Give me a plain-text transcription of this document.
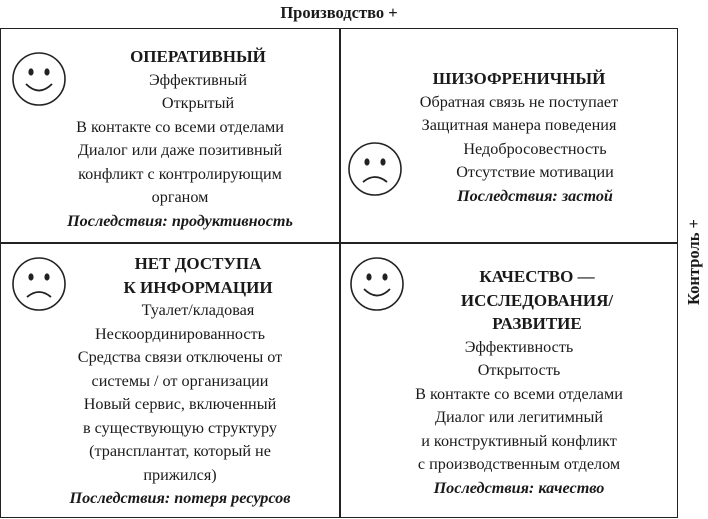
Производство +
Контроль +
ОПЕРАТИВНЫЙ
Эффективный
Открытый
В контакте со всеми отделами
Диалог или даже позитивный
конфликт с контролирующим
органом
Последствия: продуктивность
ШИЗОФРЕНИЧНЫЙ
Обратная связь не поступает
Защитная манера поведения
Недобросовестность
Отсутствие мотивации
Последствия: застой
НЕТ ДОСТУПА
К ИНФОРМАЦИИ
Туалет/кладовая
Нескоординированность
Средства связи отключены от
системы / от организации
Новый сервис, включенный
в существующую структуру
(трансплантат, который не
прижился)
Последствия: потеря ресурсов
КАЧЕСТВО —
ИССЛЕДОВАНИЯ/
РАЗВИТИЕ
Эффективность
Открытость
В контакте со всеми отделами
Диалог или легитимный
и конструктивный конфликт
с производственным отделом
Последствия: качество
